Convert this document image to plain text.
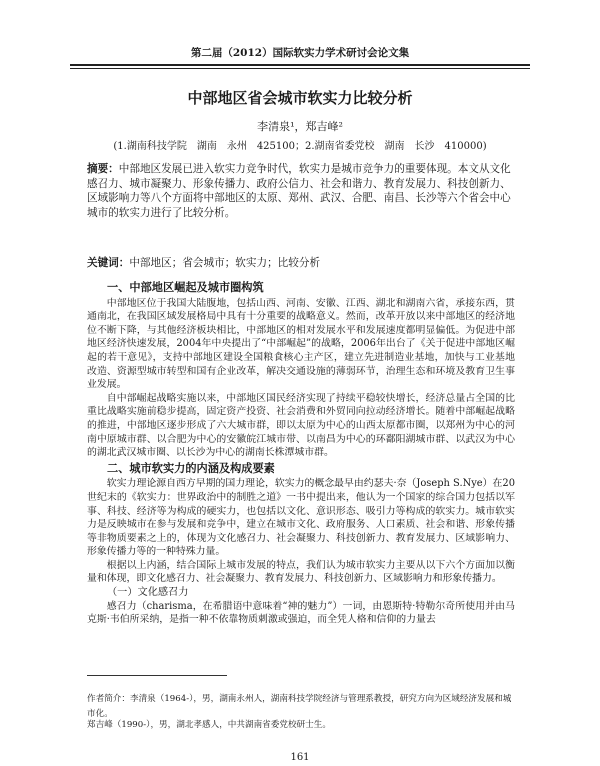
第二届（2012）国际软实力学术研讨会论文集
中部地区省会城市软实力比较分析
李清泉¹，郑吉峰²
(1.湖南科技学院　湖南　永州　425100；2.湖南省委党校　湖南　长沙　410000)
摘要：中部地区发展已进入软实力竞争时代，软实力是城市竞争力的重要体现。本文从文化感召力、城市凝聚力、形象传播力、政府公信力、社会和谐力、教育发展力、科技创新力、区域影响力等八个方面将中部地区的太原、郑州、武汉、合肥、南昌、长沙等六个省会中心城市的软实力进行了比较分析。
关键词：中部地区；省会城市；软实力；比较分析
一、中部地区崛起及城市圈构筑

中部地区位于我国大陆腹地，包括山西、河南、安徽、江西、湖北和湖南六省，承接东西，贯通南北，在我国区域发展格局中具有十分重要的战略意义。然而，改革开放以来中部地区的经济地位不断下降，与其他经济板块相比，中部地区的相对发展水平和发展速度都明显偏低。为促进中部地区经济快速发展，2004年中央提出了“中部崛起”的战略，2006年出台了《关于促进中部地区崛起的若干意见》，支持中部地区建设全国粮食核心主产区，建立先进制造业基地，加快与工业基地改造、资源型城市转型和国有企业改革，解决交通设施的薄弱环节，治理生态和环境及教育卫生事业发展。

自中部崛起战略实施以来，中部地区国民经济实现了持续平稳较快增长，经济总量占全国的比重比战略实施前稳步提高，固定资产投资、社会消费和外贸同向拉动经济增长。随着中部崛起战略的推进，中部地区逐步形成了六大城市群，即以太原为中心的山西太原都市圈，以郑州为中心的河南中原城市群、以合肥为中心的安徽皖江城市带、以南昌为中心的环鄱阳湖城市群、以武汉为中心的湖北武汉城市圈、以长沙为中心的湖南长株潭城市群。

二、城市软实力的内涵及构成要素

软实力理论源自西方早期的国力理论，软实力的概念最早由约瑟夫·奈（Joseph S.Nye）在20世纪末的《软实力：世界政治中的制胜之道》一书中提出来，他认为一个国家的综合国力包括以军事、科技、经济等为构成的硬实力，也包括以文化、意识形态、吸引力等构成的软实力。城市软实力是反映城市在参与发展和竞争中，建立在城市文化、政府服务、人口素质、社会和谐、形象传播等非物质要素之上的，体现为文化感召力、社会凝聚力、科技创新力、教育发展力、区域影响力、形象传播力等的一种特殊力量。

根据以上内涵，结合国际上城市发展的特点，我们认为城市软实力主要从以下六个方面加以衡量和体现，即文化感召力、社会凝聚力、教育发展力、科技创新力、区域影响力和形象传播力。

（一）文化感召力

感召力（charisma，在希腊语中意味着“神的魅力”）一词，由恩斯特·特勒尔奇所使用并由马克斯·韦伯所采纳，是指一种不依靠物质刺激或强迫，而全凭人格和信仰的力量去

作者简介：李清泉（1964-），男，湖南永州人，湖南科技学院经济与管理系教授，研究方向为区域经济发展和城市化。
郑吉峰（1990-），男，湖北孝感人，中共湖南省委党校研士生。
161
